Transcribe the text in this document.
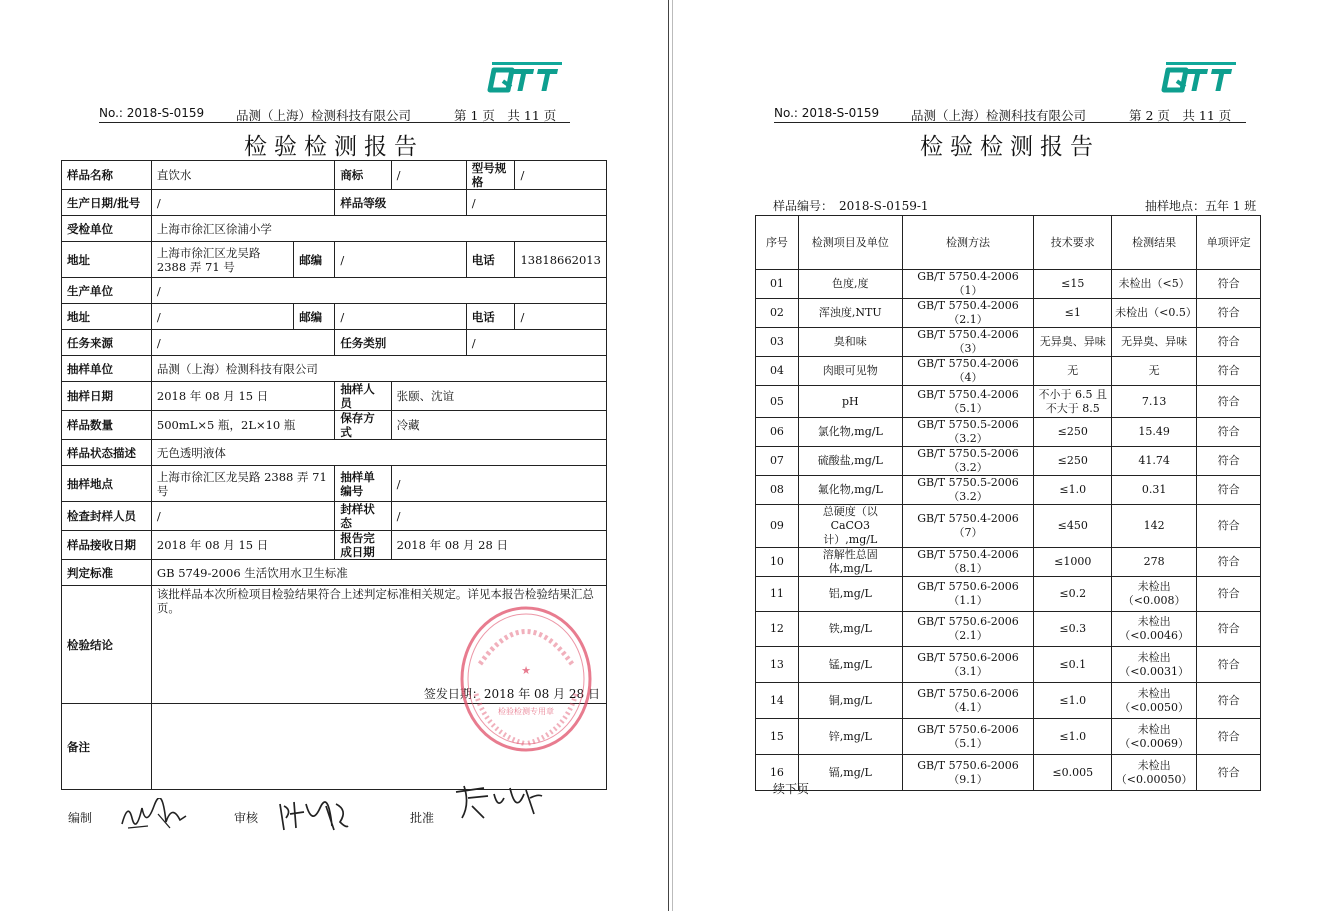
No.: 2018-S-0159	品测（上海）检测科技有限公司	第 1 页　共 11 页
检验检测报告
样品名称	直饮水		商标	/	型号规格	/
生产日期/批号	/		样品等级		/	
受检单位	上海市徐汇区徐浦小学					
地址	上海市徐汇区龙吴路 2388 弄 71 号	邮编	/		电话	13818662013
生产单位	/					
地址	/	邮编	/		电话	/
任务来源	/		任务类别		/	
抽样单位	品测（上海）检测科技有限公司					
抽样日期	2018 年 08 月 15 日		抽样人员	张颐、沈谊		
样品数量	500mL×5 瓶，2L×10 瓶		保存方式	冷藏		
样品状态描述	无色透明液体					
抽样地点	上海市徐汇区龙吴路 2388 弄 71 号		抽样单编号	/		
检查封样人员	/		封样状态	/		
样品接收日期	2018 年 08 月 15 日		报告完成日期	2018 年 08 月 28 日		
判定标准	GB 5749-2006 生活饮用水卫生标准					
检验结论	该批样品本次所检项目检验结果符合上述判定标准相关规定。详见本报告检验结果汇总页。
签发日期：2018 年 08 月 28 日					

备注						
★
检验检测专用章
编制	审核	批准
No.: 2018-S-0159	品测（上海）检测科技有限公司	第 2 页　共 11 页
检验检测报告
样品编号：　2018-S-0159-1	抽样地点：五年 1 班
序号	检测项目及单位	检测方法	技术要求	检测结果	单项评定
01	色度,度	GB/T 5750.4-2006（1）	≤15	未检出（<5）	符合
02	浑浊度,NTU	GB/T 5750.4-2006（2.1）	≤1	未检出（<0.5）	符合
03	臭和味	GB/T 5750.4-2006 （3）	无异臭、异味	无异臭、异味	符合
04	肉眼可见物	GB/T 5750.4-2006（4）	无	无	符合
05	pH	GB/T 5750.4-2006（5.1）	不小于 6.5 且 不大于 8.5	7.13	符合
06	氯化物,mg/L	GB/T 5750.5-2006（3.2）	≤250	15.49	符合
07	硫酸盐,mg/L	GB/T 5750.5-2006（3.2）	≤250	41.74	符合
08	氟化物,mg/L	GB/T 5750.5-2006（3.2）	≤1.0	0.31	符合
09	总硬度（以 CaCO3 计）,mg/L	GB/T 5750.4-2006（7）	≤450	142	符合
10	溶解性总固体,mg/L	GB/T 5750.4-2006（8.1）	≤1000	278	符合
11	铝,mg/L	GB/T 5750.6-2006（1.1）	≤0.2	未检出 （<0.008）	符合
12	铁,mg/L	GB/T 5750.6-2006（2.1）	≤0.3	未检出 （<0.0046）	符合
13	锰,mg/L	GB/T 5750.6-2006（3.1）	≤0.1	未检出 （<0.0031）	符合
14	铜,mg/L	GB/T 5750.6-2006（4.1）	≤1.0	未检出 （<0.0050）	符合
15	锌,mg/L	GB/T 5750.6-2006（5.1）	≤1.0	未检出 （<0.0069）	符合
16	镉,mg/L	GB/T 5750.6-2006（9.1）	≤0.005	未检出 （<0.00050）	符合
续下页
